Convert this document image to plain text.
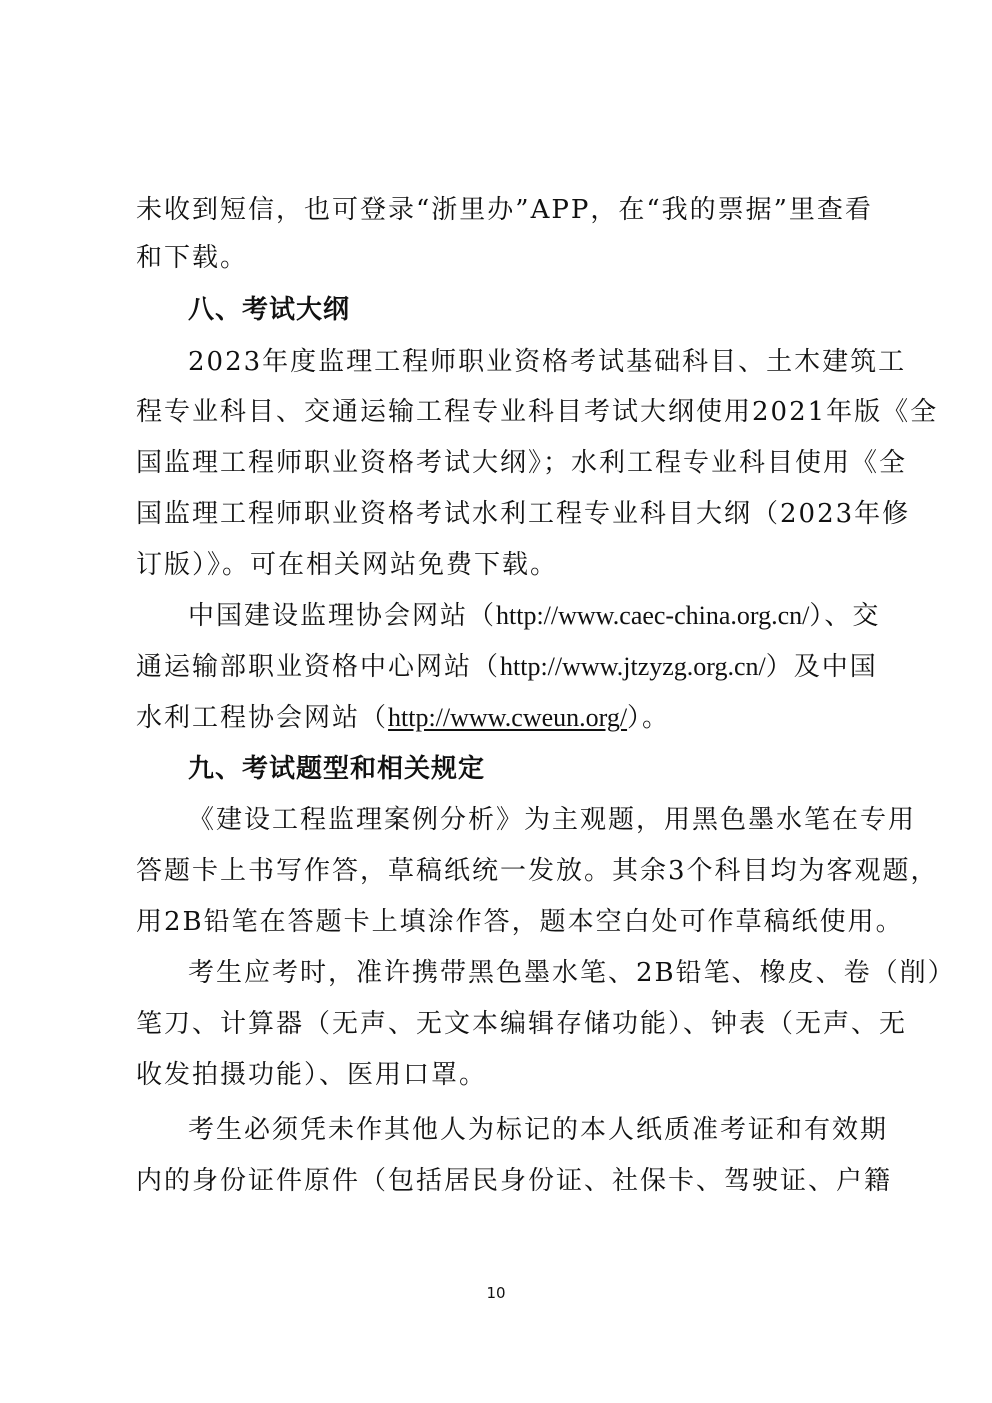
未收到短信，也可登录“浙里办”APP，在“我的票据”里查看
和下载。
八、考试大纲
2023年度监理工程师职业资格考试基础科目、土木建筑工
程专业科目、交通运输工程专业科目考试大纲使用2021年版《全
国监理工程师职业资格考试大纲》；水利工程专业科目使用《全
国监理工程师职业资格考试水利工程专业科目大纲（2023年修
订版）》。可在相关网站免费下载。
中国建设监理协会网站（http://www.caec-china.org.cn/）、交
通运输部职业资格中心网站（http://www.jtzyzg.org.cn/）及中国
水利工程协会网站（http://www.cweun.org/）。
九、考试题型和相关规定
《建设工程监理案例分析》为主观题，用黑色墨水笔在专用
答题卡上书写作答，草稿纸统一发放。其余3个科目均为客观题，
用2B铅笔在答题卡上填涂作答，题本空白处可作草稿纸使用。
考生应考时，准许携带黑色墨水笔、2B铅笔、橡皮、卷（削）
笔刀、计算器（无声、无文本编辑存储功能）、钟表（无声、无
收发拍摄功能）、医用口罩。
考生必须凭未作其他人为标记的本人纸质准考证和有效期
内的身份证件原件（包括居民身份证、社保卡、驾驶证、户籍
10
